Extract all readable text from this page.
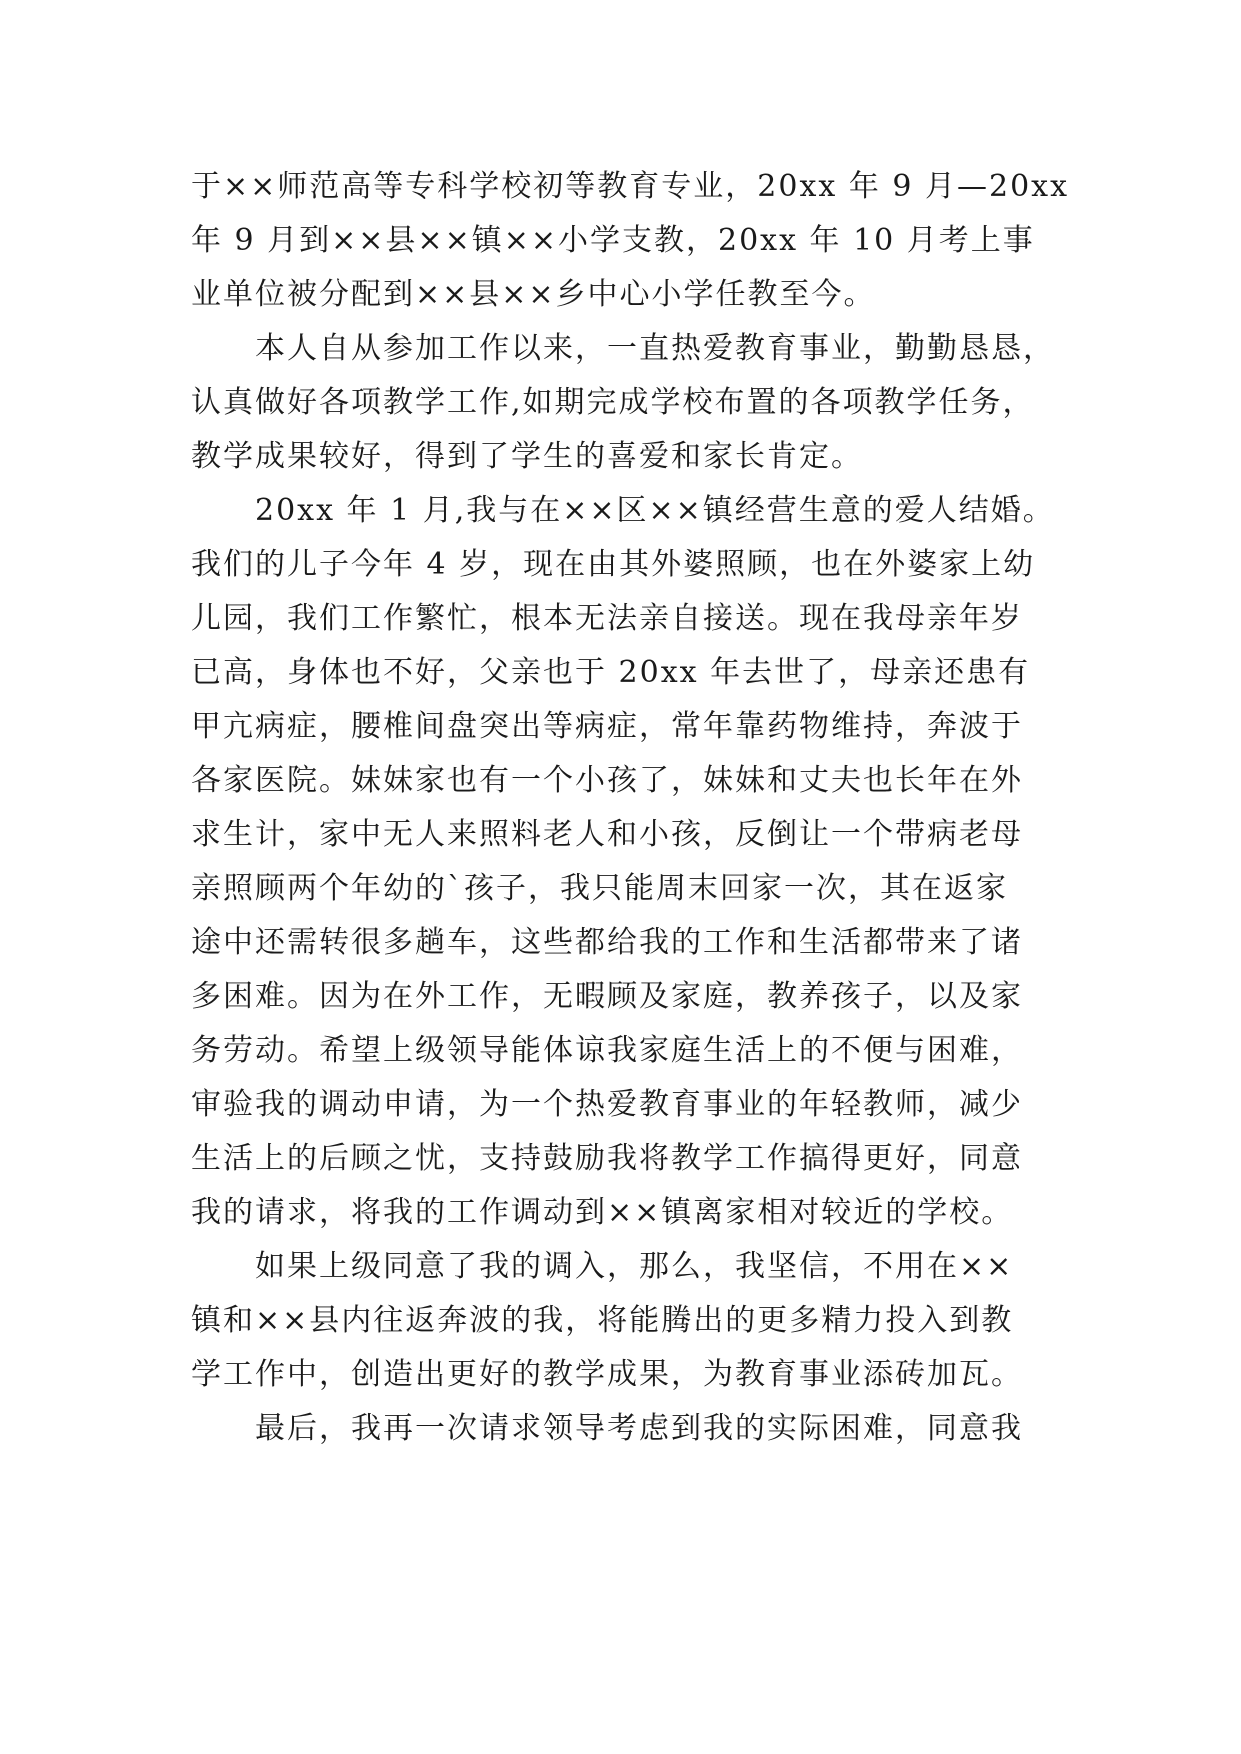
于××师范高等专科学校初等教育专业，20xx 年 9 月—20xx
年 9 月到××县××镇××小学支教，20xx 年 10 月考上事
业单位被分配到××县××乡中心小学任教至今。
本人自从参加工作以来，一直热爱教育事业，勤勤恳恳，
认真做好各项教学工作,如期完成学校布置的各项教学任务，
教学成果较好，得到了学生的喜爱和家长肯定。
20xx 年 1 月,我与在××区××镇经营生意的爱人结婚。
我们的儿子今年 4 岁，现在由其外婆照顾，也在外婆家上幼
儿园，我们工作繁忙，根本无法亲自接送。现在我母亲年岁
已高，身体也不好，父亲也于 20xx 年去世了，母亲还患有
甲亢病症，腰椎间盘突出等病症，常年靠药物维持，奔波于
各家医院。妹妹家也有一个小孩了，妹妹和丈夫也长年在外
求生计，家中无人来照料老人和小孩，反倒让一个带病老母
亲照顾两个年幼的`孩子，我只能周末回家一次，其在返家
途中还需转很多趟车，这些都给我的工作和生活都带来了诸
多困难。因为在外工作，无暇顾及家庭，教养孩子，以及家
务劳动。希望上级领导能体谅我家庭生活上的不便与困难，
审验我的调动申请，为一个热爱教育事业的年轻教师，减少
生活上的后顾之忧，支持鼓励我将教学工作搞得更好，同意
我的请求，将我的工作调动到××镇离家相对较近的学校。
如果上级同意了我的调入，那么，我坚信，不用在××
镇和××县内往返奔波的我，将能腾出的更多精力投入到教
学工作中，创造出更好的教学成果，为教育事业添砖加瓦。
最后，我再一次请求领导考虑到我的实际困难，同意我
